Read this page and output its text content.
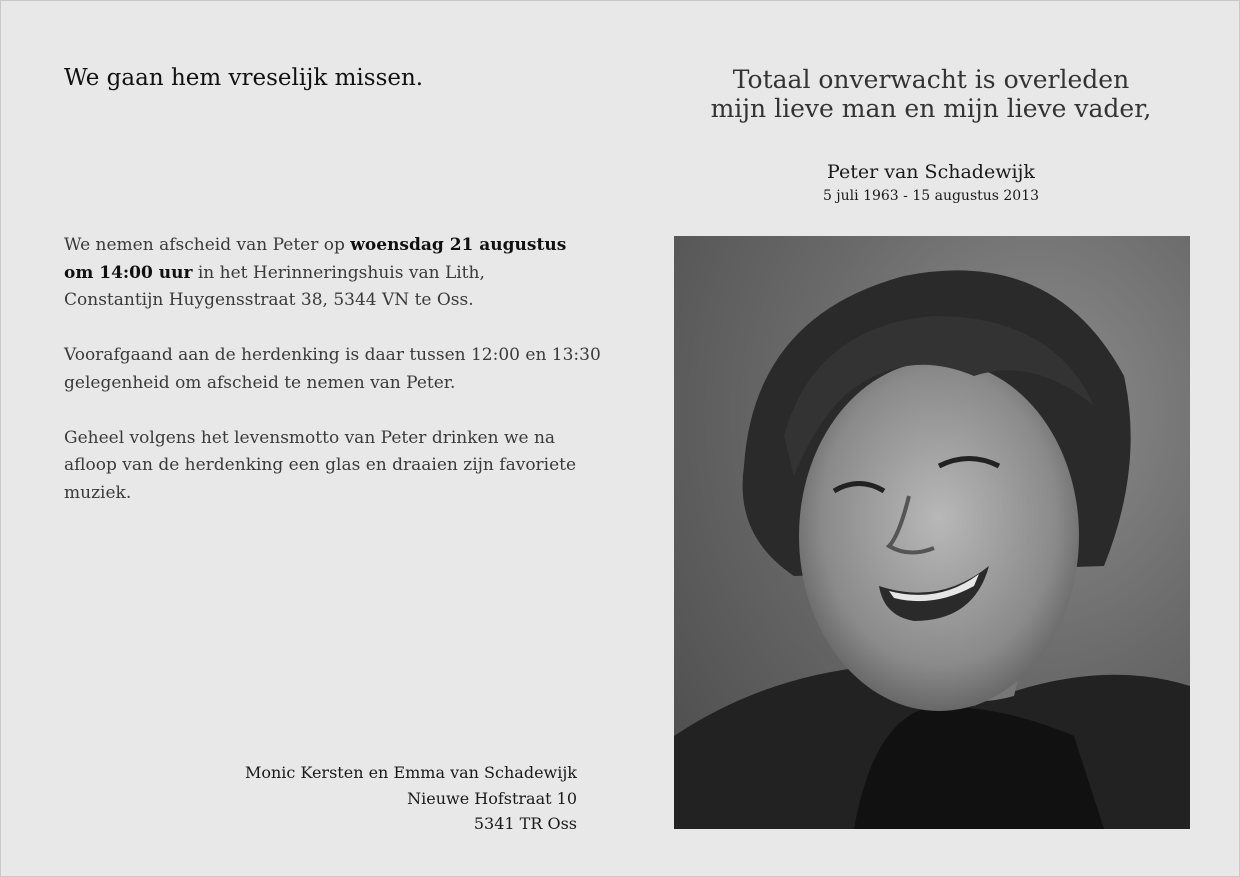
We gaan hem vreselijk missen.

We nemen afscheid van Peter op woensdag 21 augustus
om 14:00 uur in het Herinneringshuis van Lith,
Constantijn Huygensstraat 38, 5344 VN te Oss.

Voorafgaand aan de herdenking is daar tussen 12:00 en 13:30
gelegenheid om afscheid te nemen van Peter.

Geheel volgens het levensmotto van Peter drinken we na
afloop van de herdenking een glas en draaien zijn favoriete
muziek.

Monic Kersten en Emma van Schadewijk
Nieuwe Hofstraat 10
5341 TR Oss
Totaal onverwacht is overleden
mijn lieve man en mijn lieve vader,
Peter van Schadewijk
5 juli 1963 - 15 augustus 2013
